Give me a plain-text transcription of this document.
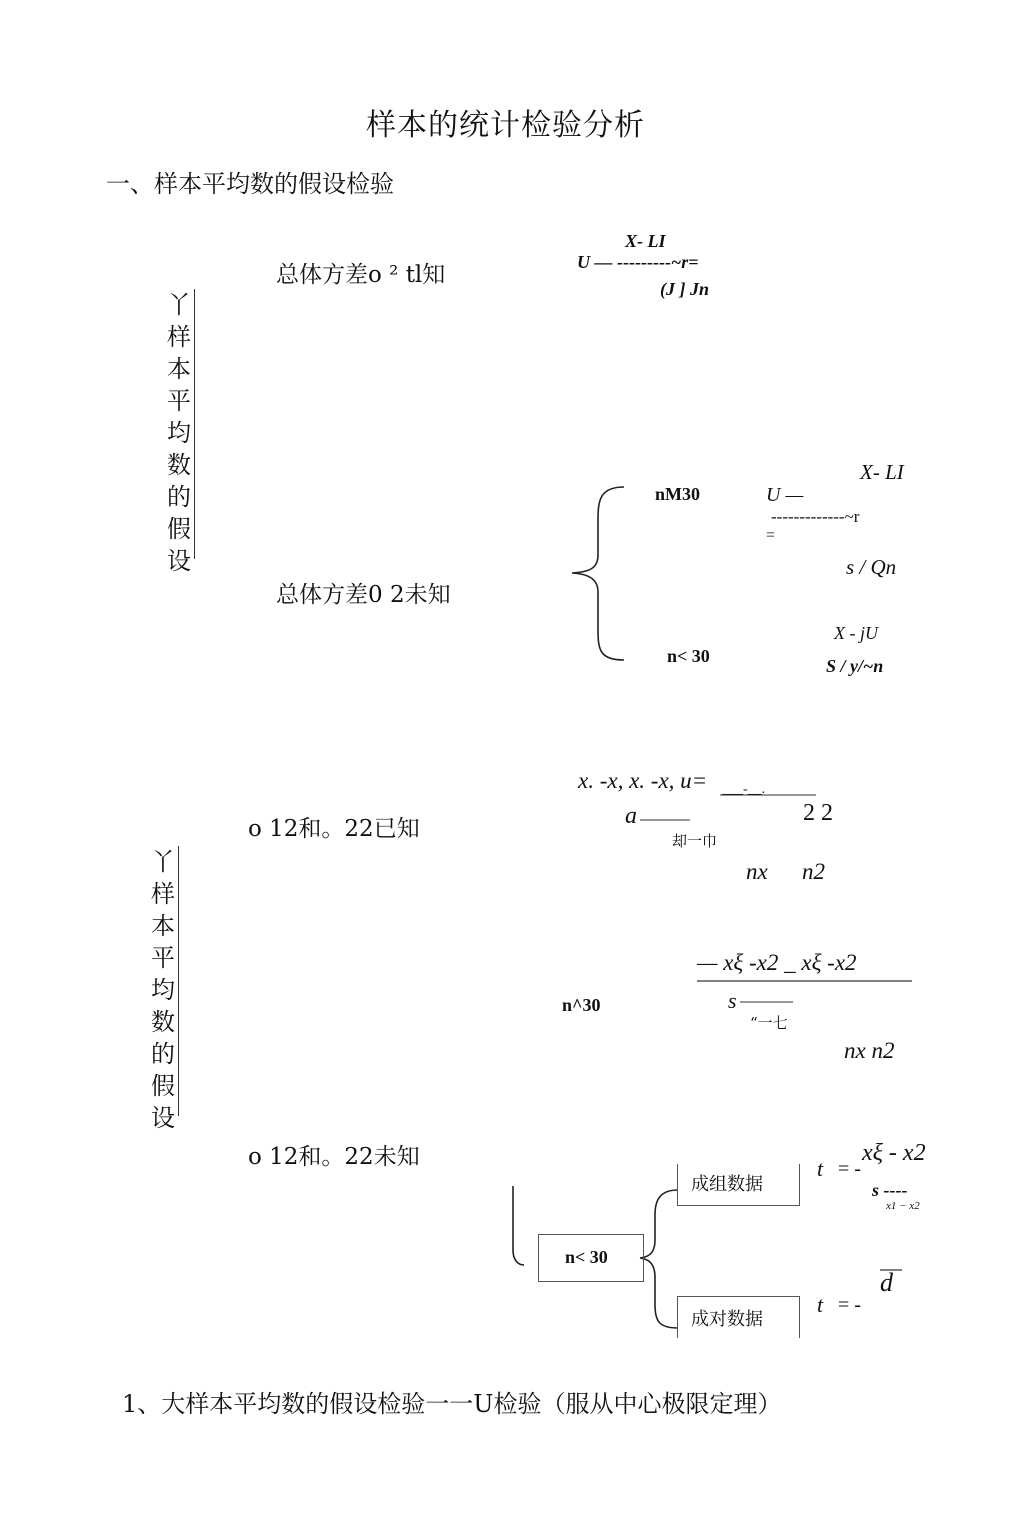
样本的统计检验分析
一、样本平均数的假设检验
丫
样
本
平
均
数
的
假
设
总体方差o ² tl知
X- LI
U — ---------~r=
(J ] Jn
总体方差0 2未知
nM30
X- LI
U —
-------------~r
=
s / Qn
n< 30
X - jU
S / y/~n
丫
样
本
平
均
数
的
假
设
o 12和。22已知
x. -x, x. -x, u= ___-__.
a	2 2
却一巾
nx n2
n^30
— xξ -x2 _ xξ -x2
s
“一七
nx n2
o 12和。22未知
n< 30
成组数据
成对数据
t = -
xξ - x2
s ----
x1 − x2
t = -
d
1、大样本平均数的假设检验一一U检验（服从中心极限定理）
